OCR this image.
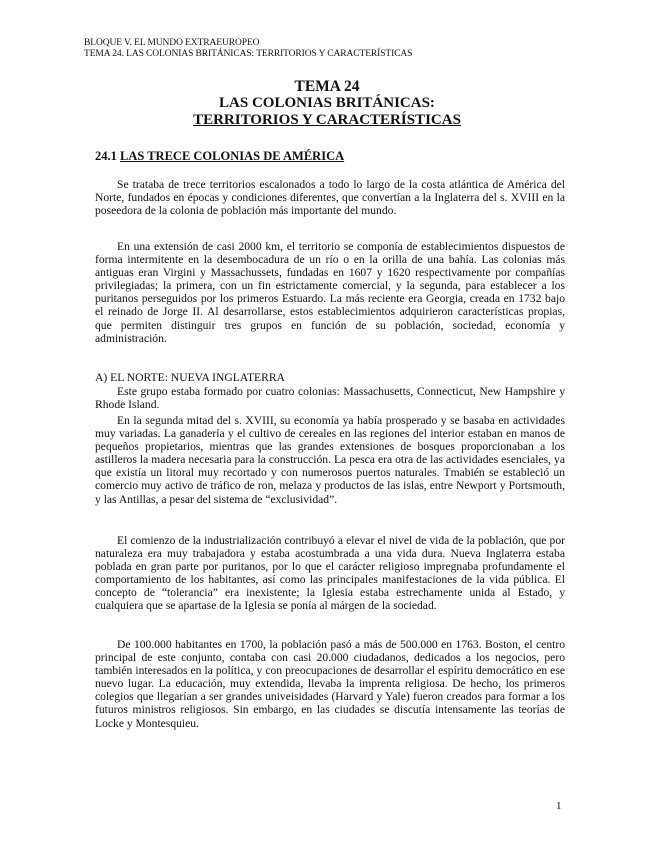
BLOQUE V. EL MUNDO EXTRAEUROPEO
TEMA 24. LAS COLONIAS BRITÁNICAS: TERRITORIOS Y CARACTERÍSTICAS
TEMA 24
LAS COLONIAS BRITÁNICAS:
TERRITORIOS Y CARACTERÍSTICAS
24.1 LAS TRECE COLONIAS DE AMÉRICA

Se trataba de trece territorios escalonados a todo lo largo de la costa atlántica de América del Norte, fundados en épocas y condiciones diferentes, que convertían a la Inglaterra del s. XVIII en la poseedora de la colonia de población más importante del mundo.

En una extensión de casi 2000 km, el territorio se componía de establecimientos dispuestos de forma intermitente en la desembocadura de un río o en la orilla de una bahía. Las colonias más antiguas eran Virgini y Massachussets, fundadas en 1607 y 1620 respectivamente por compañías privilegiadas; la primera, con un fin estrictamente comercial, y la segunda, para establecer a los puritanos perseguidos por los primeros Estuardo. La más reciente era Georgia, creada en 1732 bajo el reinado de Jorge II. Al desarrollarse, estos establecimientos adquirieron características propias, que permiten distinguir tres grupos en función de su población, sociedad, economía y administración.

A) EL NORTE: NUEVA INGLATERRA

Este grupo estaba formado por cuatro colonias: Massachusetts, Connecticut, New Hampshire y Rhode Island.

En la segunda mitad del s. XVIII, su economía ya había prosperado y se basaba en actividades muy variadas. La ganadería y el cultivo de cereales en las regiones del interior estaban en manos de pequeños propietarios, mientras que las grandes extensiones de bosques proporcionaban a los astilleros la madera necesaria para la construcción. La pesca era otra de las actividades esenciales, ya que existía un litoral muy recortado y con numerosos puertos naturales. Tmabién se estableció un comercio muy activo de tráfico de ron, melaza y productos de las islas, entre Newport y Portsmouth, y las Antillas, a pesar del sistema de “exclusividad”.

El comienzo de la industrialización contribuyó a elevar el nivel de vida de la población, que por naturaleza era muy trabajadora y estaba acostumbrada a una vida dura. Nueva Inglaterra estaba poblada en gran parte por puritanos, por lo que el carácter religioso impregnaba profundamente el comportamiento de los habitantes, así como las principales manifestaciones de la vida pública. El concepto de “tolerancia” era inexistente; la Iglesia estaba estrechamente unida al Estado, y cualquiera que se apartase de la Iglesia se ponía al márgen de la sociedad.

De 100.000 habitantes en 1700, la población pasó a más de 500.000 en 1763. Boston, el centro principal de este conjunto, contaba con casi 20.000 ciudadanos, dedicados a los negocios, pero también interesados en la política, y con preocupaciones de desarrollar el espíritu democrático en ese nuevo lugar. La educación, muy extendida, llevaba la imprenta religiosa. De hecho, los primeros colegios que llegarían a ser grandes univeisidades (Harvard y Yale) fueron creados para formar a los futuros ministros religiosos. Sin embargo, en las ciudades se discutía intensamente las teorías de Locke y Montesquieu.

1
